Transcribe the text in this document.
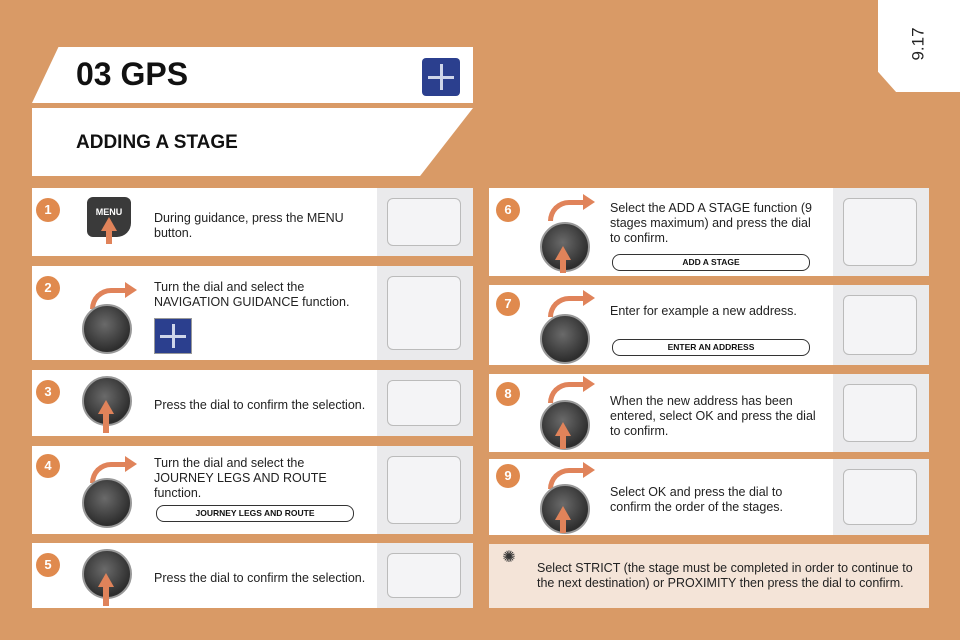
9.17
03 GPS
ADDING A STAGE
1	MENU	During guidance, press the MENU button.
2	Turn the dial and select the NAVIGATION GUIDANCE function.
3
Press the dial to confirm the selection.
4	Turn the dial and select the JOURNEY LEGS AND ROUTE function.
JOURNEY LEGS AND ROUTE
5
Press the dial to confirm the selection.
6	Select the ADD A STAGE function (9 stages maximum) and press the dial to confirm.
ADD A STAGE
7	Enter for example a new address.
ENTER AN ADDRESS
8	When the new address has been entered, select OK and press the dial to confirm.
9
Select OK and press the dial to confirm the order of the stages.
✺
Select STRICT (the stage must be completed in order to continue to the next destination) or PROXIMITY then press the dial to confirm.
